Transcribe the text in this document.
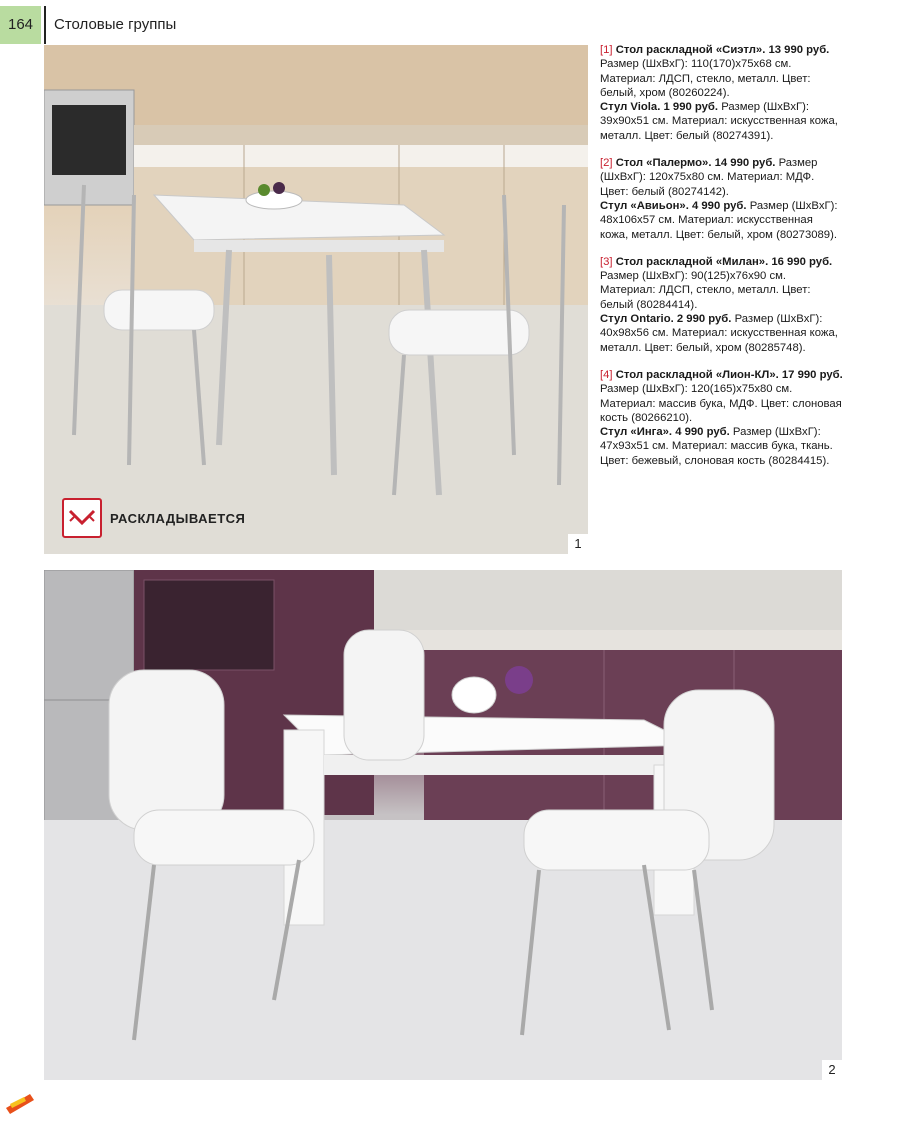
164	Столовые группы
РАСКЛАДЫВАЕТСЯ
1

[1] Стол раскладной «Сиэтл». 13 990 руб. Размер (ШхВхГ): 110(170)х75х68 см. Материал: ЛДСП, стекло, металл. Цвет: белый, хром (80260224).

Стул Viola. 1 990 руб. Размер (ШхВхГ): 39х90х51 см. Материал: искусственная кожа, металл. Цвет: белый (80274391).

[2] Стол «Палермо». 14 990 руб. Размер (ШхВхГ): 120х75х80 см. Материал: МДФ. Цвет: белый (80274142).

Стул «Авиьон». 4 990 руб. Размер (ШхВхГ): 48х106х57 см. Материал: искусственная кожа, металл. Цвет: белый, хром (80273089).

[3] Стол раскладной «Милан». 16 990 руб. Размер (ШхВхГ): 90(125)х76х90 см. Материал: ЛДСП, стекло, металл. Цвет: белый (80284414).

Стул Ontario. 2 990 руб. Размер (ШхВхГ): 40х98х56 см. Материал: искусственная кожа, металл. Цвет: белый, хром (80285748).

[4] Стол раскладной «Лион-КЛ». 17 990 руб. Размер (ШхВхГ): 120(165)х75х80 см. Материал: массив бука, МДФ. Цвет: слоновая кость (80266210).

Стул «Инга». 4 990 руб. Размер (ШхВхГ): 47х93х51 см. Материал: массив бука, ткань. Цвет: бежевый, слоновая кость (80284415).

2
